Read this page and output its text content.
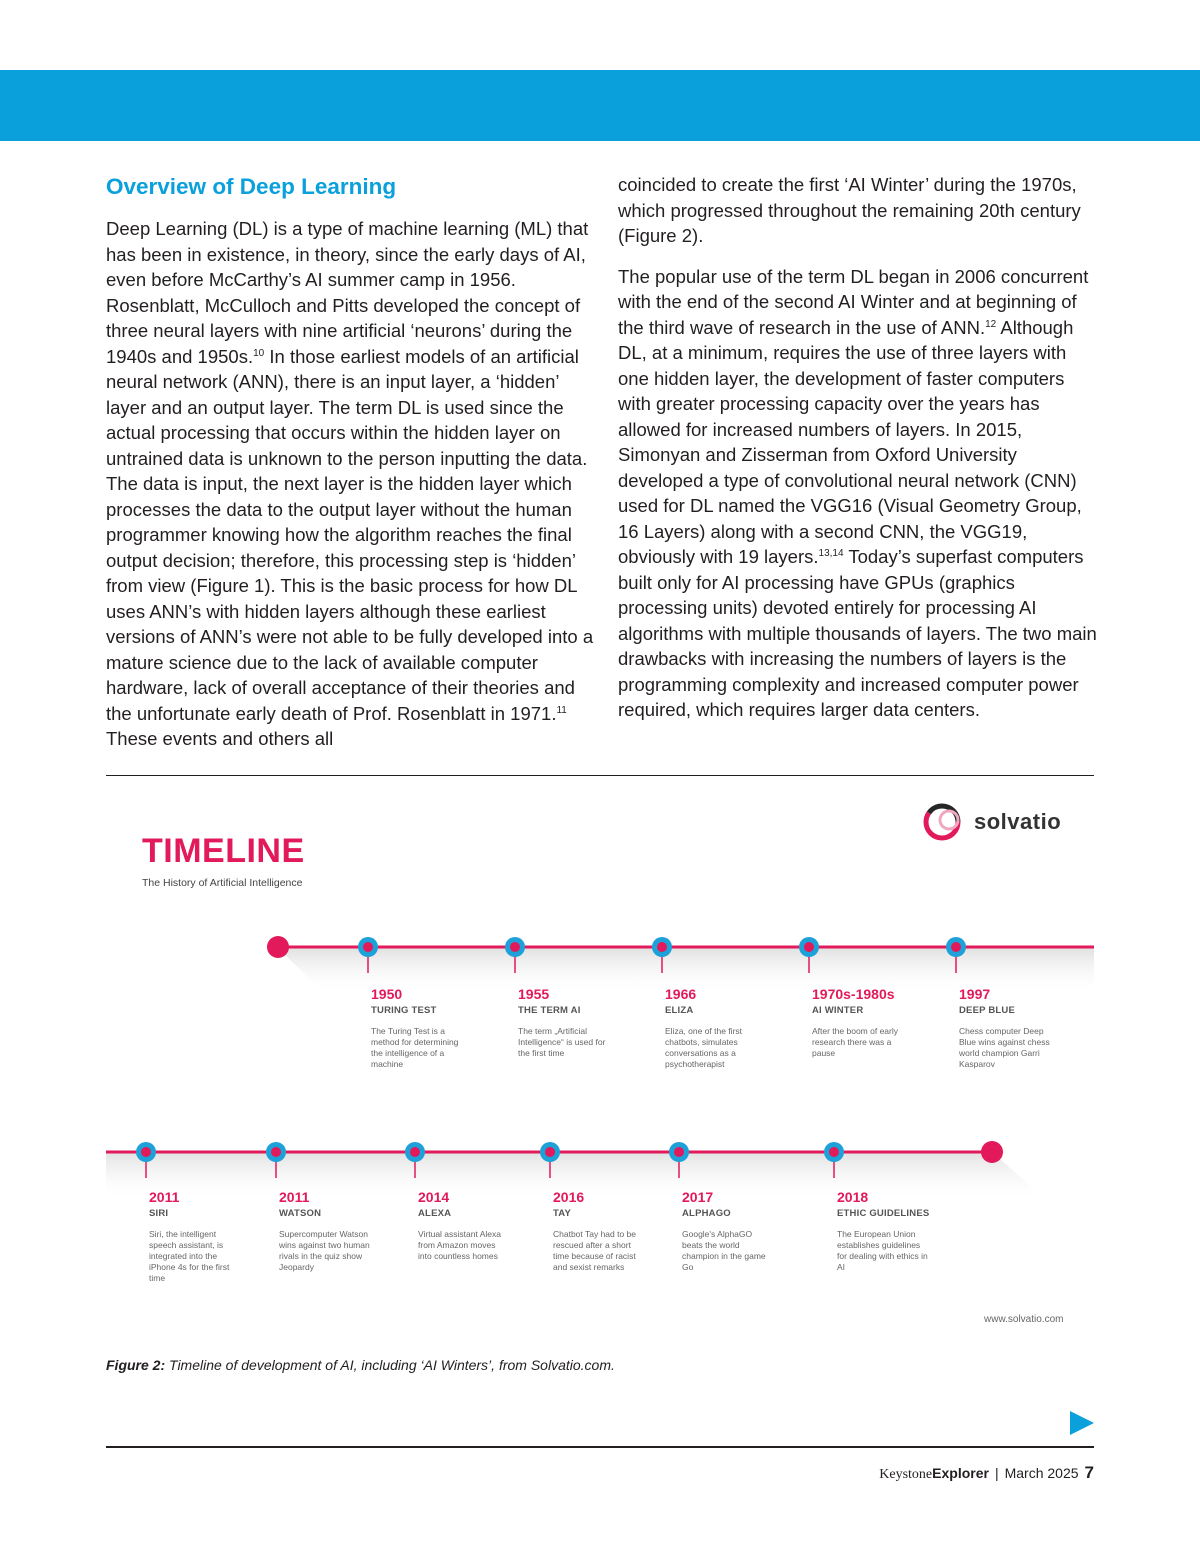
Overview of Deep Learning

Deep Learning (DL) is a type of machine learning (ML) that has been in existence, in theory, since the early days of AI, even before McCarthy’s AI summer camp in 1956. Rosenblatt, McCulloch and Pitts developed the concept of three neural layers with nine artificial ‘neurons’ during the 1940s and 1950s.$^{10}$ In those earliest models of an artificial neural network (ANN), there is an input layer, a ‘hidden’ layer and an output layer. The term DL is used since the actual processing that occurs within the hidden layer on untrained data is unknown to the person inputting the data. The data is input, the next layer is the hidden layer which processes the data to the output layer without the human programmer knowing how the algorithm reaches the final output decision; therefore, this processing step is ‘hidden’ from view (Figure 1). This is the basic process for how DL uses ANN’s with hidden layers although these earliest versions of ANN’s were not able to be fully developed into a mature science due to the lack of available computer hardware, lack of overall acceptance of their theories and the unfortunate early death of Prof. Rosenblatt in 1971.11 These events and others all

coincided to create the first ‘AI Winter’ during the 1970s, which progressed throughout the remaining 20th century (Figure 2).

The popular use of the term DL began in 2006 concurrent with the end of the second AI Winter and at beginning of the third wave of research in the use of ANN.$^{12}$ Although DL, at a minimum, requires the use of three layers with one hidden layer, the development of faster computers with greater processing capacity over the years has allowed for increased numbers of layers. In 2015, Simonyan and Zisserman from Oxford University developed a type of convolutional neural network (CNN) used for DL named the VGG16 (Visual Geometry Group, 16 Layers) along with a second CNN, the VGG19, obviously with 19 layers.$^{13,14}$ Today’s superfast computers built only for AI processing have GPUs (graphics processing units) devoted entirely for processing AI algorithms with multiple thousands of layers. The two main drawbacks with increasing the numbers of layers is the programming complexity and increased computer power required, which requires larger data centers.

TIMELINE
The History of Artificial Intelligence
solvatio
1950
TURING TEST
The Turing Test is a method for determining the intelligence of a machine
1955
THE TERM AI
The term „Artificial Intelligence“ is used for the first time
1966
ELIZA
Eliza, one of the first chatbots, simulates conversations as a psychotherapist
1970s-1980s
AI WINTER
After the boom of early research there was a pause
1997
DEEP BLUE
Chess computer Deep Blue wins against chess world champion Garri Kasparov
2011
SIRI
Siri, the intelligent speech assistant, is integrated into the iPhone 4s for the first time
2011
WATSON
Supercomputer Watson wins against two human rivals in the quiz show Jeopardy
2014
ALEXA
Virtual assistant Alexa from Amazon moves into countless homes
2016
TAY
Chatbot Tay had to be rescued after a short time because of racist and sexist remarks
2017
ALPHAGO
Google's AlphaGO beats the world champion in the game Go
2018
ETHIC GUIDELINES
The European Union establishes guidelines for dealing with ethics in AI
www.solvatio.com
Figure 2: Timeline of development of AI, including ‘AI Winters’, from Solvatio.com.
KeystoneExplorer | March 2025 7
